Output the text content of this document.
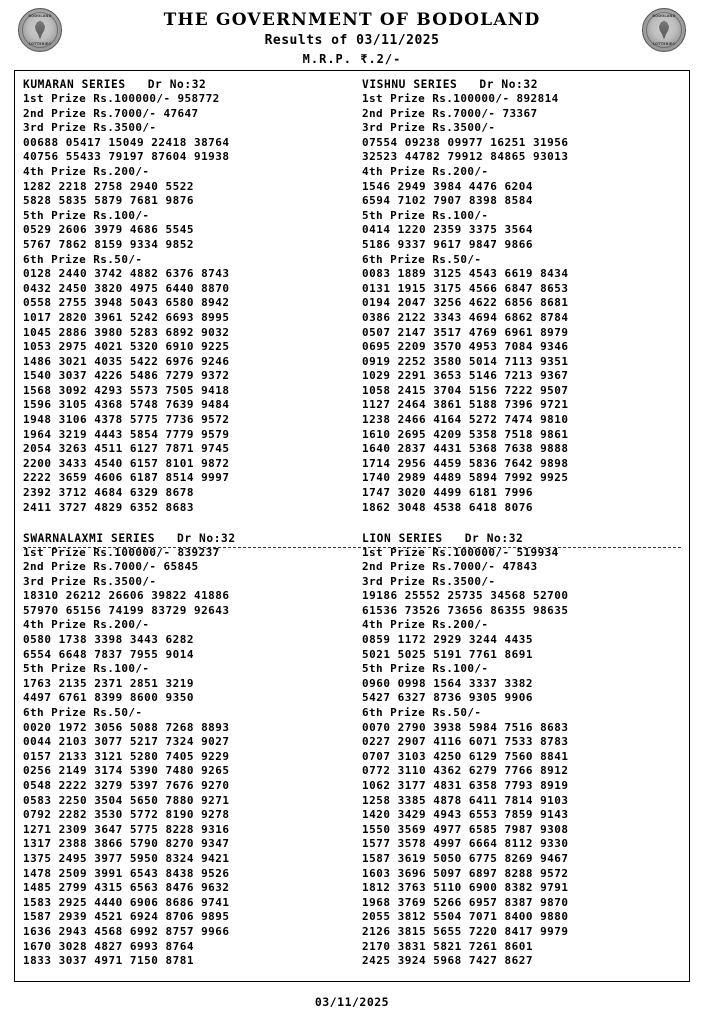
BODOLAND
LOTTERIES
BODOLAND
LOTTERIES
THE GOVERNMENT OF BODOLAND
Results of 03/11/2025
M.R.P. ₹.2/-
KUMARAN SERIES   Dr No:32
1st Prize Rs.100000/- 958772
2nd Prize Rs.7000/- 47647
3rd Prize Rs.3500/-
00688 05417 15049 22418 38764
40756 55433 79197 87604 91938
4th Prize Rs.200/-
1282 2218 2758 2940 5522
5828 5835 5879 7681 9876
5th Prize Rs.100/-
0529 2606 3979 4686 5545
5767 7862 8159 9334 9852
6th Prize Rs.50/-
0128 2440 3742 4882 6376 8743
0432 2450 3820 4975 6440 8870
0558 2755 3948 5043 6580 8942
1017 2820 3961 5242 6693 8995
1045 2886 3980 5283 6892 9032
1053 2975 4021 5320 6910 9225
1486 3021 4035 5422 6976 9246
1540 3037 4226 5486 7279 9372
1568 3092 4293 5573 7505 9418
1596 3105 4368 5748 7639 9484
1948 3106 4378 5775 7736 9572
1964 3219 4443 5854 7779 9579
2054 3263 4511 6127 7871 9745
2200 3433 4540 6157 8101 9872
2222 3659 4606 6187 8514 9997
2392 3712 4684 6329 8678
2411 3727 4829 6352 8683
VISHNU SERIES   Dr No:32
1st Prize Rs.100000/- 892814
2nd Prize Rs.7000/- 73367
3rd Prize Rs.3500/-
07554 09238 09977 16251 31956
32523 44782 79912 84865 93013
4th Prize Rs.200/-
1546 2949 3984 4476 6204
6594 7102 7907 8398 8584
5th Prize Rs.100/-
0414 1220 2359 3375 3564
5186 9337 9617 9847 9866
6th Prize Rs.50/-
0083 1889 3125 4543 6619 8434
0131 1915 3175 4566 6847 8653
0194 2047 3256 4622 6856 8681
0386 2122 3343 4694 6862 8784
0507 2147 3517 4769 6961 8979
0695 2209 3570 4953 7084 9346
0919 2252 3580 5014 7113 9351
1029 2291 3653 5146 7213 9367
1058 2415 3704 5156 7222 9507
1127 2464 3861 5188 7396 9721
1238 2466 4164 5272 7474 9810
1610 2695 4209 5358 7518 9861
1640 2837 4431 5368 7638 9888
1714 2956 4459 5836 7642 9898
1740 2989 4489 5894 7992 9925
1747 3020 4499 6181 7996
1862 3048 4538 6418 8076
SWARNALAXMI SERIES   Dr No:32
1st Prize Rs.100000/- 839237
2nd Prize Rs.7000/- 65845
3rd Prize Rs.3500/-
18310 26212 26606 39822 41886
57970 65156 74199 83729 92643
4th Prize Rs.200/-
0580 1738 3398 3443 6282
6554 6648 7837 7955 9014
5th Prize Rs.100/-
1763 2135 2371 2851 3219
4497 6761 8399 8600 9350
6th Prize Rs.50/-
0020 1972 3056 5088 7268 8893
0044 2103 3077 5217 7324 9027
0157 2133 3121 5280 7405 9229
0256 2149 3174 5390 7480 9265
0548 2222 3279 5397 7676 9270
0583 2250 3504 5650 7880 9271
0792 2282 3530 5772 8190 9278
1271 2309 3647 5775 8228 9316
1317 2388 3866 5790 8270 9347
1375 2495 3977 5950 8324 9421
1478 2509 3991 6543 8438 9526
1485 2799 4315 6563 8476 9632
1583 2925 4440 6906 8686 9741
1587 2939 4521 6924 8706 9895
1636 2943 4568 6992 8757 9966
1670 3028 4827 6993 8764
1833 3037 4971 7150 8781
LION SERIES   Dr No:32
1st Prize Rs.100000/- 519934
2nd Prize Rs.7000/- 47843
3rd Prize Rs.3500/-
19186 25552 25735 34568 52700
61536 73526 73656 86355 98635
4th Prize Rs.200/-
0859 1172 2929 3244 4435
5021 5025 5191 7761 8691
5th Prize Rs.100/-
0960 0998 1564 3337 3382
5427 6327 8736 9305 9906
6th Prize Rs.50/-
0070 2790 3938 5984 7516 8683
0227 2907 4116 6071 7533 8783
0707 3103 4250 6129 7560 8841
0772 3110 4362 6279 7766 8912
1062 3177 4831 6358 7793 8919
1258 3385 4878 6411 7814 9103
1420 3429 4943 6553 7859 9143
1550 3569 4977 6585 7987 9308
1577 3578 4997 6664 8112 9330
1587 3619 5050 6775 8269 9467
1603 3696 5097 6897 8288 9572
1812 3763 5110 6900 8382 9791
1968 3769 5266 6957 8387 9870
2055 3812 5504 7071 8400 9880
2126 3815 5655 7220 8417 9979
2170 3831 5821 7261 8601
2425 3924 5968 7427 8627
03/11/2025
